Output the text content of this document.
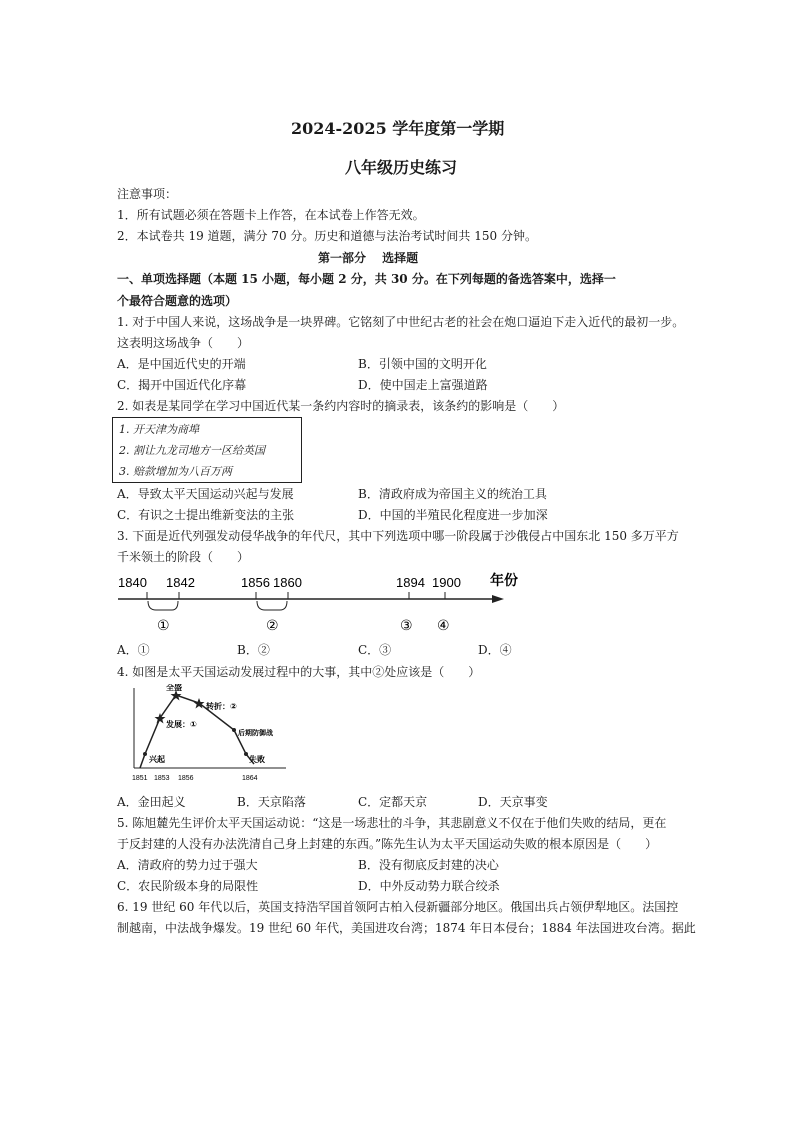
2024-2025 学年度第一学期
八年级历史练习
注意事项：
1．所有试题必须在答题卡上作答，在本试卷上作答无效。
2．本试卷共 19 道题，满分 70 分。历史和道德与法治考试时间共 150 分钟。
第一部分　 选择题
一、单项选择题（本题 15 小题，每小题 2 分，共 30 分。在下列每题的备选答案中，选择一
个最符合题意的选项）
1. 对于中国人来说，这场战争是一块界碑。它铭刻了中世纪古老的社会在炮口逼迫下走入近代的最初一步。
这表明这场战争（　　）
A．是中国近代史的开端	B．引领中国的文明开化
C．揭开中国近代化序幕	D．使中国走上富强道路
2. 如表是某同学在学习中国近代某一条约内容时的摘录表，该条约的影响是（　　）
1. 开天津为商埠
2. 割让九龙司地方一区给英国
3. 赔款增加为八百万两
A．导致太平天国运动兴起与发展	B．清政府成为帝国主义的统治工具
C．有识之士提出维新变法的主张	D．中国的半殖民化程度进一步加深
3. 下面是近代列强发动侵华战争的年代尺，其中下列选项中哪一阶段属于沙俄侵占中国东北 150 多万平方
千米领土的阶段（　　）
1840 1842	1856 1860	1894 1900 年份
①	②	③ ④
A．①	B．②	C．③	D．④
4. 如图是太平天国运动发展过程中的大事，其中②处应该是（　　）
全盛
转折：②
发展：①
后期防御战
兴起	失败
1851 1853 1856	1864
A．金田起义	B．天京陷落	C．定都天京	D．天京事变
5. 陈旭麓先生评价太平天国运动说：“这是一场悲壮的斗争，其悲剧意义不仅在于他们失败的结局，更在
于反封建的人没有办法洗清自己身上封建的东西。”陈先生认为太平天国运动失败的根本原因是（　　）
A．清政府的势力过于强大	B．没有彻底反封建的决心
C．农民阶级本身的局限性	D．中外反动势力联合绞杀
6. 19 世纪 60 年代以后，英国支持浩罕国首领阿古柏入侵新疆部分地区。俄国出兵占领伊犁地区。法国控
制越南，中法战争爆发。19 世纪 60 年代，美国进攻台湾；1874 年日本侵台；1884 年法国进攻台湾。据此
